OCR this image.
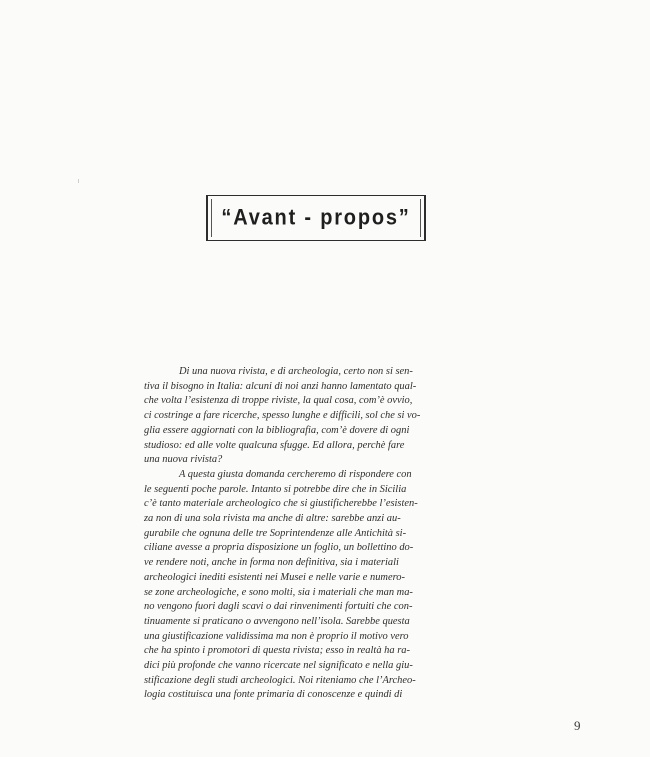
“Avant - propos”
Di una nuova rivista, e di archeologia, certo non si sen-
tiva il bisogno in Italia: alcuni di noi anzi hanno lamentato qual-
che volta l’esistenza di troppe riviste, la qual cosa, com’è ovvio,
ci costringe a fare ricerche, spesso lunghe e difficili, sol che si vo-
glia essere aggiornati con la bibliografia, com’è dovere di ogni
studioso: ed alle volte qualcuna sfugge. Ed allora, perchè fare
una nuova rivista?
A questa giusta domanda cercheremo di rispondere con
le seguenti poche parole. Intanto si potrebbe dire che in Sicilia
c’è tanto materiale archeologico che si giustificherebbe l’esisten-
za non di una sola rivista ma anche di altre: sarebbe anzi au-
gurabile che ognuna delle tre Soprintendenze alle Antichità si-
ciliane avesse a propria disposizione un foglio, un bollettino do-
ve rendere noti, anche in forma non definitiva, sia i materiali
archeologici inediti esistenti nei Musei e nelle varie e numero-
se zone archeologiche, e sono molti, sia i materiali che man ma-
no vengono fuori dagli scavi o dai rinvenimenti fortuiti che con-
tinuamente si praticano o avvengono nell’isola. Sarebbe questa
una giustificazione validissima ma non è proprio il motivo vero
che ha spinto i promotori di questa rivista; esso in realtà ha ra-
dici più profonde che vanno ricercate nel significato e nella giu-
stificazione degli studi archeologici. Noi riteniamo che l’Archeo-
logia costituisca una fonte primaria di conoscenze e quindi di
9
